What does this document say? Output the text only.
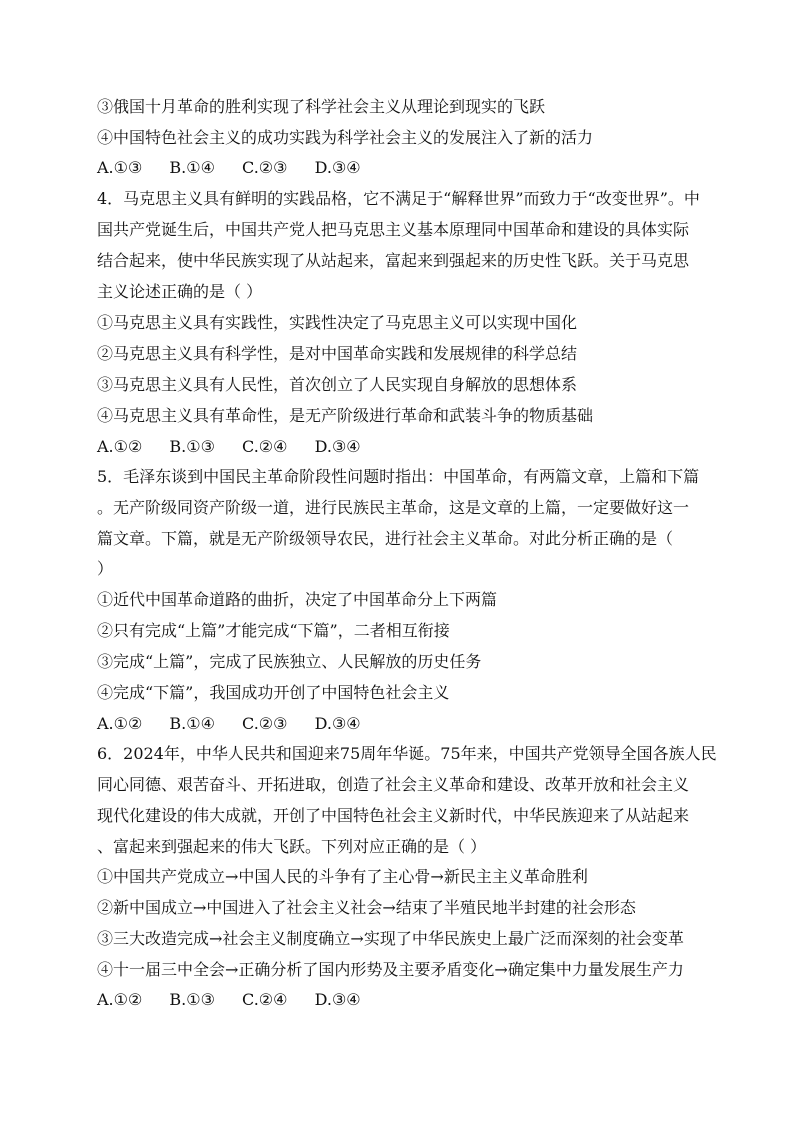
③俄国十月革命的胜利实现了科学社会主义从理论到现实的飞跃
④中国特色社会主义的成功实践为科学社会主义的发展注入了新的活力
A.①③ B.①④ C.②③ D.③④
4．马克思主义具有鲜明的实践品格，它不满足于“解释世界”而致力于“改变世界”。中
国共产党诞生后，中国共产党人把马克思主义基本原理同中国革命和建设的具体实际
结合起来，使中华民族实现了从站起来，富起来到强起来的历史性飞跃。关于马克思
主义论述正确的是（ ）
①马克思主义具有实践性，实践性决定了马克思主义可以实现中国化
②马克思主义具有科学性，是对中国革命实践和发展规律的科学总结
③马克思主义具有人民性，首次创立了人民实现自身解放的思想体系
④马克思主义具有革命性，是无产阶级进行革命和武装斗争的物质基础
A.①② B.①③ C.②④ D.③④
5．毛泽东谈到中国民主革命阶段性问题时指出：中国革命，有两篇文章，上篇和下篇
。无产阶级同资产阶级一道，进行民族民主革命，这是文章的上篇，一定要做好这一
篇文章。下篇，就是无产阶级领导农民，进行社会主义革命。对此分析正确的是（
）
①近代中国革命道路的曲折，决定了中国革命分上下两篇
②只有完成“上篇”才能完成“下篇”，二者相互衔接
③完成“上篇”，完成了民族独立、人民解放的历史任务
④完成“下篇”，我国成功开创了中国特色社会主义
A.①② B.①④ C.②③ D.③④
6．2024年，中华人民共和国迎来75周年华诞。75年来，中国共产党领导全国各族人民
同心同德、艰苦奋斗、开拓进取，创造了社会主义革命和建设、改革开放和社会主义
现代化建设的伟大成就，开创了中国特色社会主义新时代，中华民族迎来了从站起来
、富起来到强起来的伟大飞跃。下列对应正确的是（ ）
①中国共产党成立→中国人民的斗争有了主心骨→新民主主义革命胜利
②新中国成立→中国进入了社会主义社会→结束了半殖民地半封建的社会形态
③三大改造完成→社会主义制度确立→实现了中华民族史上最广泛而深刻的社会变革
④十一届三中全会→正确分析了国内形势及主要矛盾变化→确定集中力量发展生产力
A.①② B.①③ C.②④ D.③④
